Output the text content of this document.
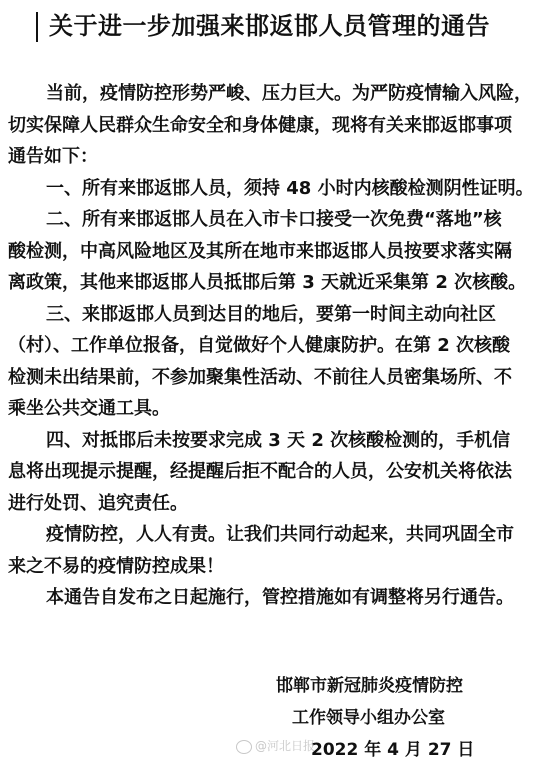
关于进一步加强来邯返邯人员管理的通告
当前，疫情防控形势严峻、压力巨大。为严防疫情输入风险，
切实保障人民群众生命安全和身体健康，现将有关来邯返邯事项
通告如下：
一、所有来邯返邯人员，须持 48 小时内核酸检测阴性证明。
二、所有来邯返邯人员在入市卡口接受一次免费“落地”核
酸检测，中高风险地区及其所在地市来邯返邯人员按要求落实隔
离政策，其他来邯返邯人员抵邯后第 3 天就近采集第 2 次核酸。
三、来邯返邯人员到达目的地后，要第一时间主动向社区
（村）、工作单位报备，自觉做好个人健康防护。在第 2 次核酸
检测未出结果前，不参加聚集性活动、不前往人员密集场所、不
乘坐公共交通工具。
四、对抵邯后未按要求完成 3 天 2 次核酸检测的，手机信
息将出现提示提醒，经提醒后拒不配合的人员，公安机关将依法
进行处罚、追究责任。
疫情防控，人人有责。让我们共同行动起来，共同巩固全市
来之不易的疫情防控成果！
本通告自发布之日起施行，管控措施如有调整将另行通告。
邯郸市新冠肺炎疫情防控
工作领导小组办公室
2022 年 4 月 27 日
@河北日报
